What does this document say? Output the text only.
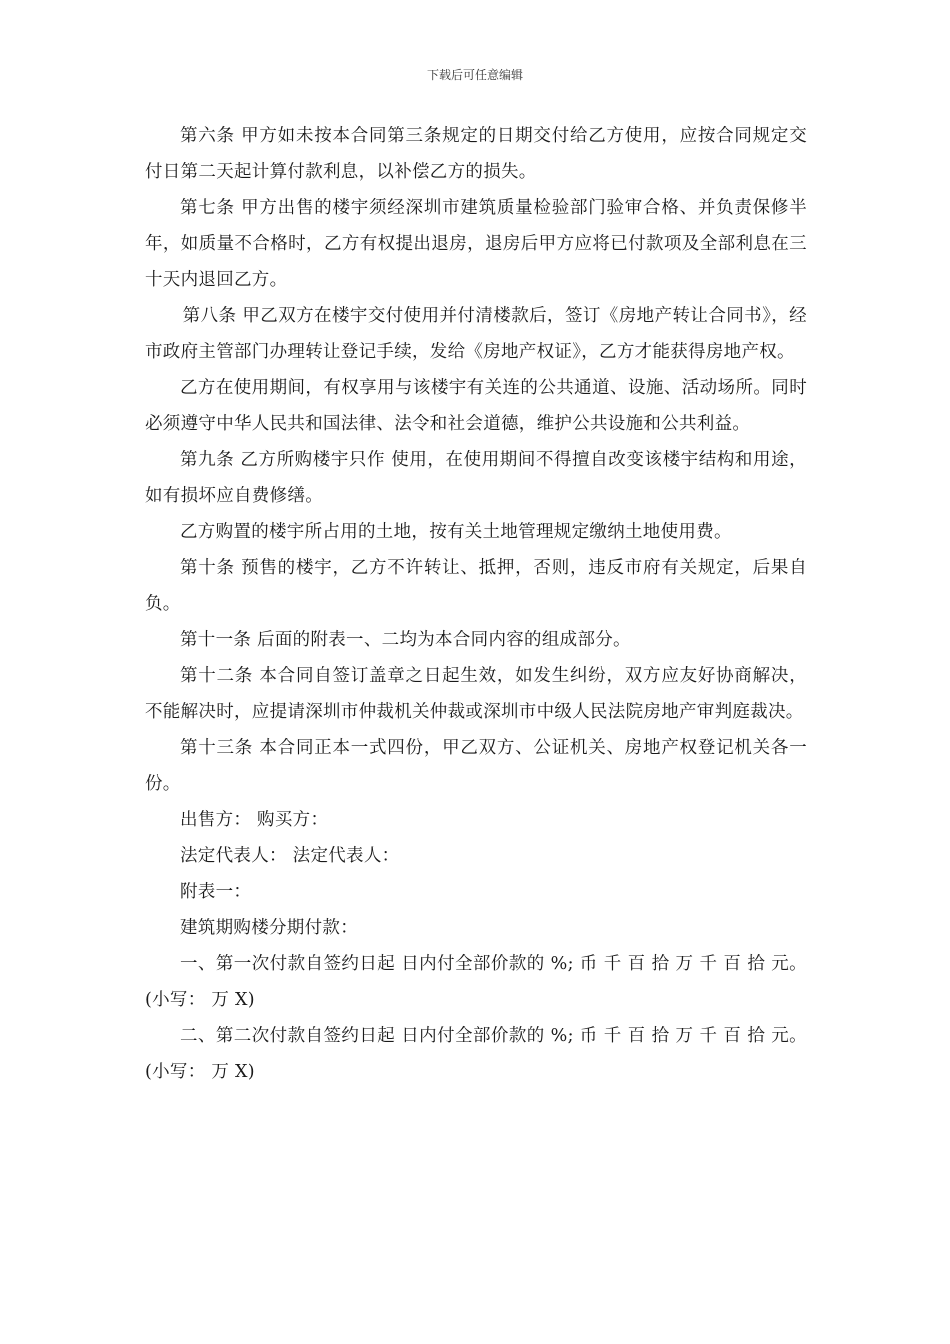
下载后可任意编辑

第六条 甲方如未按本合同第三条规定的日期交付给乙方使用，应按合同规定交付日第二天起计算付款利息，以补偿乙方的损失。

第七条 甲方出售的楼宇须经深圳市建筑质量检验部门验审合格、并负责保修半年，如质量不合格时，乙方有权提出退房，退房后甲方应将已付款项及全部利息在三十天内退回乙方。

第八条 甲乙双方在楼宇交付使用并付清楼款后，签订《房地产转让合同书》，经市政府主管部门办理转让登记手续，发给《房地产权证》，乙方才能获得房地产权。

乙方在使用期间，有权享用与该楼宇有关连的公共通道、设施、活动场所。同时必须遵守中华人民共和国法律、法令和社会道德，维护公共设施和公共利益。

第九条 乙方所购楼宇只作 使用，在使用期间不得擅自改变该楼宇结构和用途，如有损坏应自费修缮。

乙方购置的楼宇所占用的土地，按有关土地管理规定缴纳土地使用费。

第十条 预售的楼宇，乙方不许转让、抵押，否则，违反市府有关规定，后果自负。

第十一条 后面的附表一、二均为本合同内容的组成部分。

第十二条 本合同自签订盖章之日起生效，如发生纠纷，双方应友好协商解决，不能解决时，应提请深圳市仲裁机关仲裁或深圳市中级人民法院房地产审判庭裁决。

第十三条 本合同正本一式四份，甲乙双方、公证机关、房地产权登记机关各一份。

出售方： 购买方：

法定代表人： 法定代表人：

附表一：

建筑期购楼分期付款：

一、第一次付款自签约日起 日内付全部价款的 %; 币 千 百 拾 万 千 百 拾 元。(小写： 万 X)

二、第二次付款自签约日起 日内付全部价款的 %; 币 千 百 拾 万 千 百 拾 元。(小写： 万 X)
